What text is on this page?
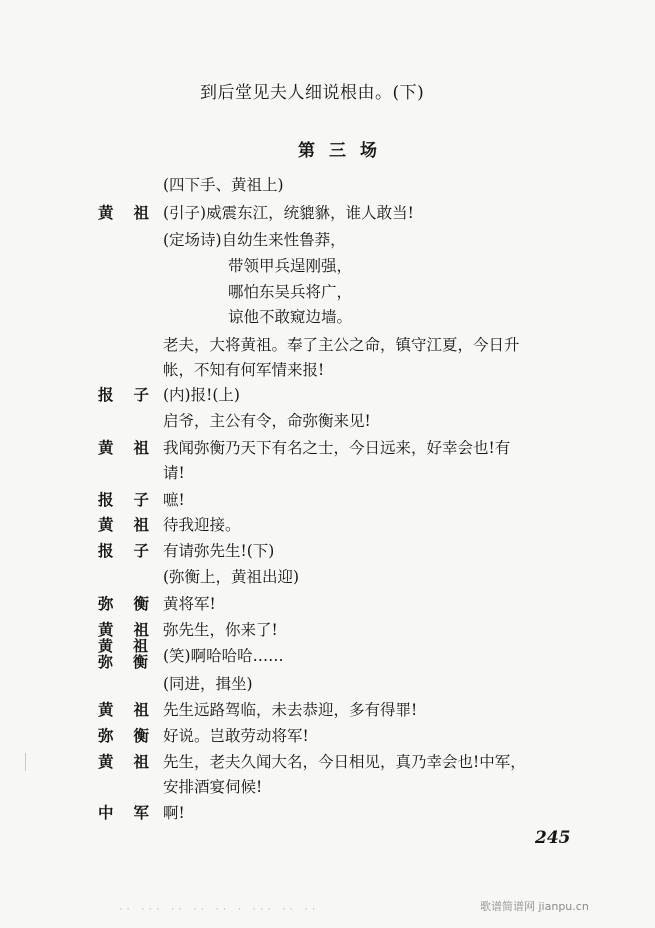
到后堂见夫人细说根由。(下)
第三场
(四下手、黄祖上)
黄祖
(引子)威震东江，统貔貅，谁人敢当!
(定场诗)自幼生来性鲁莽，
带领甲兵逞刚强，
哪怕东吴兵将广，
谅他不敢窥边墙。
老夫，大将黄祖。奉了主公之命，镇守江夏，今日升
帐，不知有何军情来报!
报子
(内)报!(上)
启爷，主公有令，命弥衡来见!
黄祖
我闻弥衡乃天下有名之士，今日远来，好幸会也!有
请!
报子
嗻!
黄祖
待我迎接。
报子
有请弥先生!(下)
(弥衡上，黄祖出迎)
弥衡
黄将军!
黄祖
弥先生，你来了!
黄祖
弥衡
(笑)啊哈哈哈……
(同进，揖坐)
黄祖
先生远路驾临，未去恭迎，多有得罪!
弥衡
好说。岂敢劳动将军!
黄祖
先生，老夫久闻大名，今日相见，真乃幸会也!中军，
安排酒宴伺候!
中军
啊!
245
·· ··· ·· ·· ·· · ··· ·· ··	歌谱简谱网 jianpu.cn
